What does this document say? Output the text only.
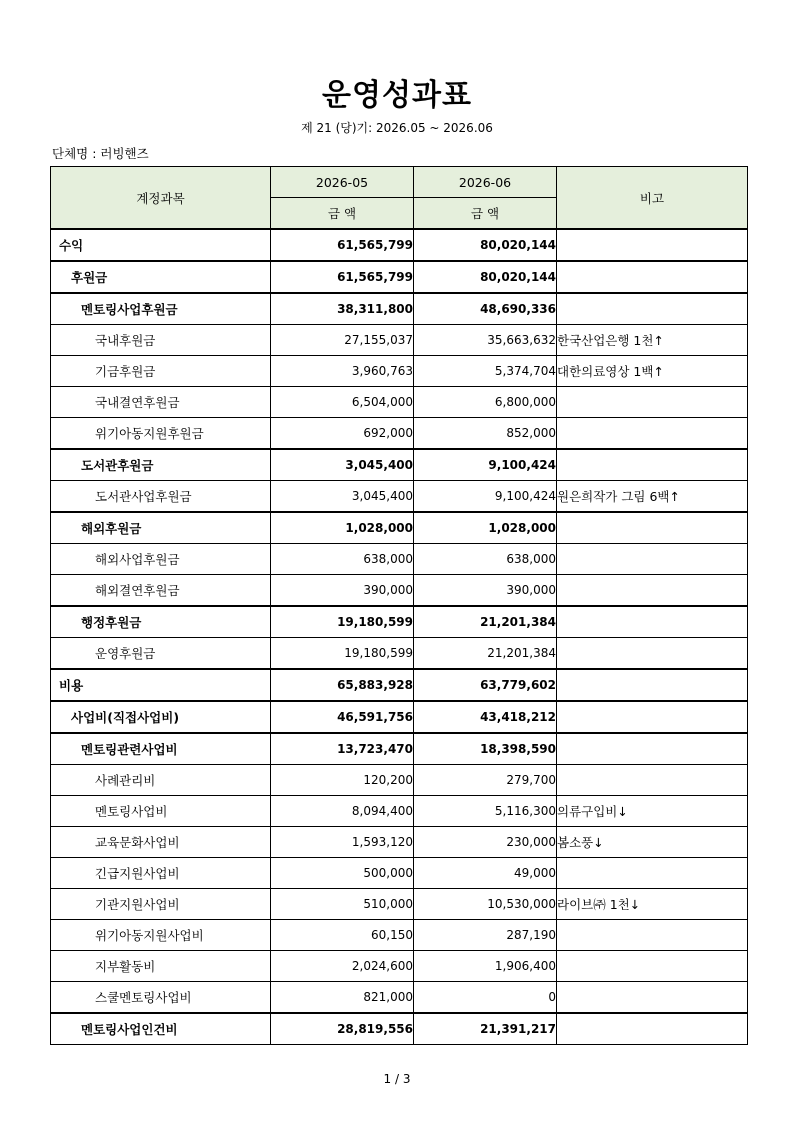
운영성과표
제 21 (당)기: 2026.05 ~ 2026.06
단체명 : 러빙핸즈
계정과목	2026-05	2026-06	비고
	금 액	금 액	
수익	61,565,799	80,020,144	
후원금	61,565,799	80,020,144	
멘토링사업후원금	38,311,800	48,690,336	
국내후원금	27,155,037	35,663,632	한국산업은행 1천↑
기금후원금	3,960,763	5,374,704	대한의료영상 1백↑
국내결연후원금	6,504,000	6,800,000	
위기아동지원후원금	692,000	852,000	
도서관후원금	3,045,400	9,100,424	
도서관사업후원금	3,045,400	9,100,424	원은희작가 그림 6백↑
해외후원금	1,028,000	1,028,000	
해외사업후원금	638,000	638,000	
해외결연후원금	390,000	390,000	
행정후원금	19,180,599	21,201,384	
운영후원금	19,180,599	21,201,384	
비용	65,883,928	63,779,602	
사업비(직접사업비)	46,591,756	43,418,212	
멘토링관련사업비	13,723,470	18,398,590	
사례관리비	120,200	279,700	
멘토링사업비	8,094,400	5,116,300	의류구입비↓
교육문화사업비	1,593,120	230,000	봄소풍↓
긴급지원사업비	500,000	49,000	
기관지원사업비	510,000	10,530,000	라이브㈜ 1천↓
위기아동지원사업비	60,150	287,190	
지부활동비	2,024,600	1,906,400	
스쿨멘토링사업비	821,000	0	
멘토링사업인건비	28,819,556	21,391,217	
1 / 3
